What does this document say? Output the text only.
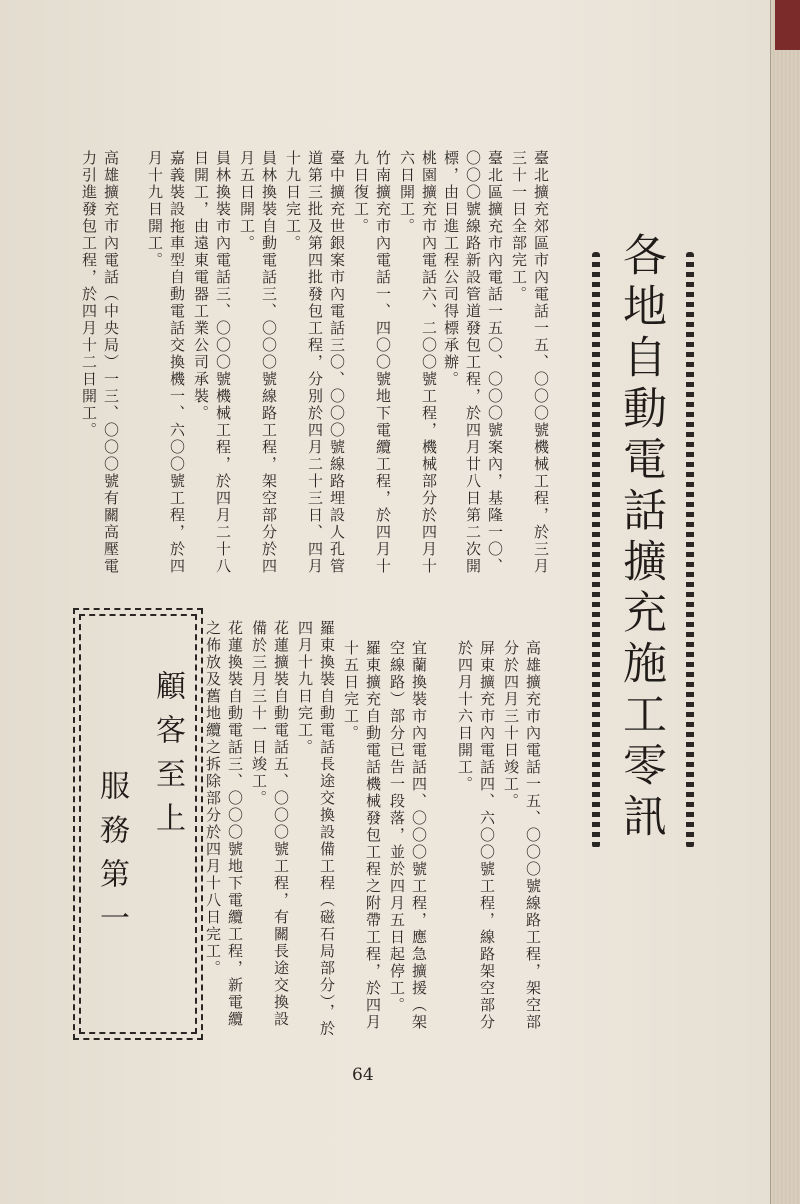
各地自動電話擴充施工零訊
高雄擴充市內電話一五、〇〇〇號線路工程，架空部分於四月三十日竣工。
屏東擴充市內電話四、六〇〇號工程，線路架空部分於四月十六日開工。
宜蘭換裝市內電話四、〇〇〇號工程，應急擴援（架空線路）部分已告一段落，並於四月五日起停工。
羅東擴充自動電話機械發包工程之附帶工程，於四月十五日完工。
羅東換裝自動電話長途交換設備工程（磁石局部分），於四月十九日完工。
花蓮擴裝自動電話五、〇〇〇號工程，有關長途交換設備於三月三十一日竣工。
花蓮換裝自動電話三、〇〇〇號地下電纜工程，新電纜之佈放及舊地纜之拆除部分於四月十八日完工。
臺北擴充郊區市內電話一五、〇〇〇號機械工程，於三月三十一日全部完工。
臺北區擴充市內電話一五〇、〇〇〇號案內，基隆一〇、〇〇〇號線路新設管道發包工程，於四月廿八日第二次開標，由日進工程公司得標承辦。
桃園擴充市內電話六、二〇〇號工程，機械部分於四月十六日開工。
竹南擴充市內電話一、四〇〇號地下電纜工程，於四月十九日復工。
臺中擴充世銀案市內電話三〇、〇〇〇號線路埋設人孔管道第三批及第四批發包工程，分別於四月二十三日、四月十九日完工。
員林換裝自動電話三、〇〇〇號線路工程，架空部分於四月五日開工。
員林換裝市內電話三、〇〇〇號機械工程，於四月二十八日開工，由遠東電器工業公司承裝。
嘉義裝設拖車型自動電話交換機一、六〇〇號工程，於四月十九日開工。
高雄擴充市內電話（中央局）一三、〇〇〇號有關高壓電力引進發包工程，於四月十二日開工。
顧客至上
服務第一
64
